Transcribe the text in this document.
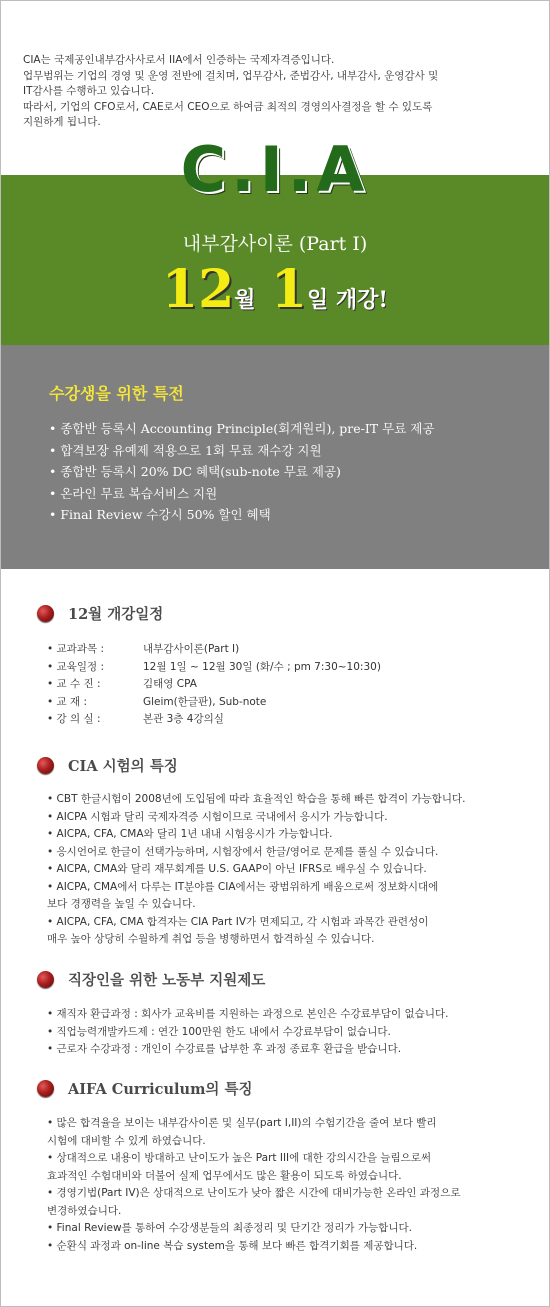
CIA는 국제공인내부감사사로서 IIA에서 인증하는 국제자격증입니다.
업무범위는 기업의 경영 및 운영 전반에 걸치며, 업무감사, 준법감사, 내부감사, 운영감사 및
IT감사를 수행하고 있습니다.
따라서, 기업의 CFO로서, CAE로서 CEO으로 하여금 최적의 경영의사결정을 할 수 있도록
지원하게 됩니다.
C.I.A
내부감사이론 (Part I)
12월 1일 개강!
수강생을 위한 특전
• 종합반 등록시 Accounting Principle(회계원리), pre-IT 무료 제공
• 합격보장 유예제 적용으로 1회 무료 재수강 지원
• 종합반 등록시 20% DC 혜택(sub-note 무료 제공)
• 온라인 무료 복습서비스 지원
• Final Review 수강시 50% 할인 혜택
12월 개강일정
• 교과과목 :	내부감사이론(Part I)
• 교육일정 :	12월 1일 ~ 12월 30일 (화/수 ; pm 7:30~10:30)
• 교 수 진 :	김태영 CPA
• 교 재 :	Gleim(한글판), Sub-note
• 강 의 실 :	본관 3층 4강의실
CIA 시험의 특징
• CBT 한글시험이 2008년에 도입됨에 따라 효율적인 학습을 통해 빠른 합격이 가능합니다.
• AICPA 시험과 달리 국제자격증 시험이므로 국내에서 응시가 가능합니다.
• AICPA, CFA, CMA와 달리 1년 내내 시험응시가 가능합니다.
• 응시언어로 한글이 선택가능하며, 시험장에서 한글/영어로 문제를 풀실 수 있습니다.
• AICPA, CMA와 달리 재무회계를 U.S. GAAP이 아닌 IFRS로 배우실 수 있습니다.
• AICPA, CMA에서 다루는 IT분야를 CIA에서는 광범위하게 배움으로써 정보화시대에
보다 경쟁력을 높일 수 있습니다.
• AICPA, CFA, CMA 합격자는 CIA Part IV가 면제되고, 각 시험과 과목간 관련성이
매우 높아 상당히 수월하게 취업 등을 병행하면서 합격하실 수 있습니다.
직장인을 위한 노동부 지원제도
• 재직자 환급과정 : 회사가 교육비를 지원하는 과정으로 본인은 수강료부담이 없습니다.
• 직업능력개발카드제 : 연간 100만원 한도 내에서 수강료부담이 없습니다.
• 근로자 수강과정 : 개인이 수강료를 납부한 후 과정 종료후 환급을 받습니다.
AIFA Curriculum의 특징
• 많은 합격율을 보이는 내부감사이론 및 실무(part I,II)의 수험기간을 줄여 보다 빨리
시험에 대비할 수 있게 하였습니다.
• 상대적으로 내용이 방대하고 난이도가 높은 Part III에 대한 강의시간을 늘림으로써
효과적인 수험대비와 더불어 실제 업무에서도 많은 활용이 되도록 하였습니다.
• 경영기법(Part IV)은 상대적으로 난이도가 낮아 짧은 시간에 대비가능한 온라인 과정으로
변경하였습니다.
• Final Review를 통하여 수강생분들의 최종정리 및 단기간 정리가 가능합니다.
• 순환식 과정과 on-line 복습 system을 통해 보다 빠른 합격기회를 제공합니다.
